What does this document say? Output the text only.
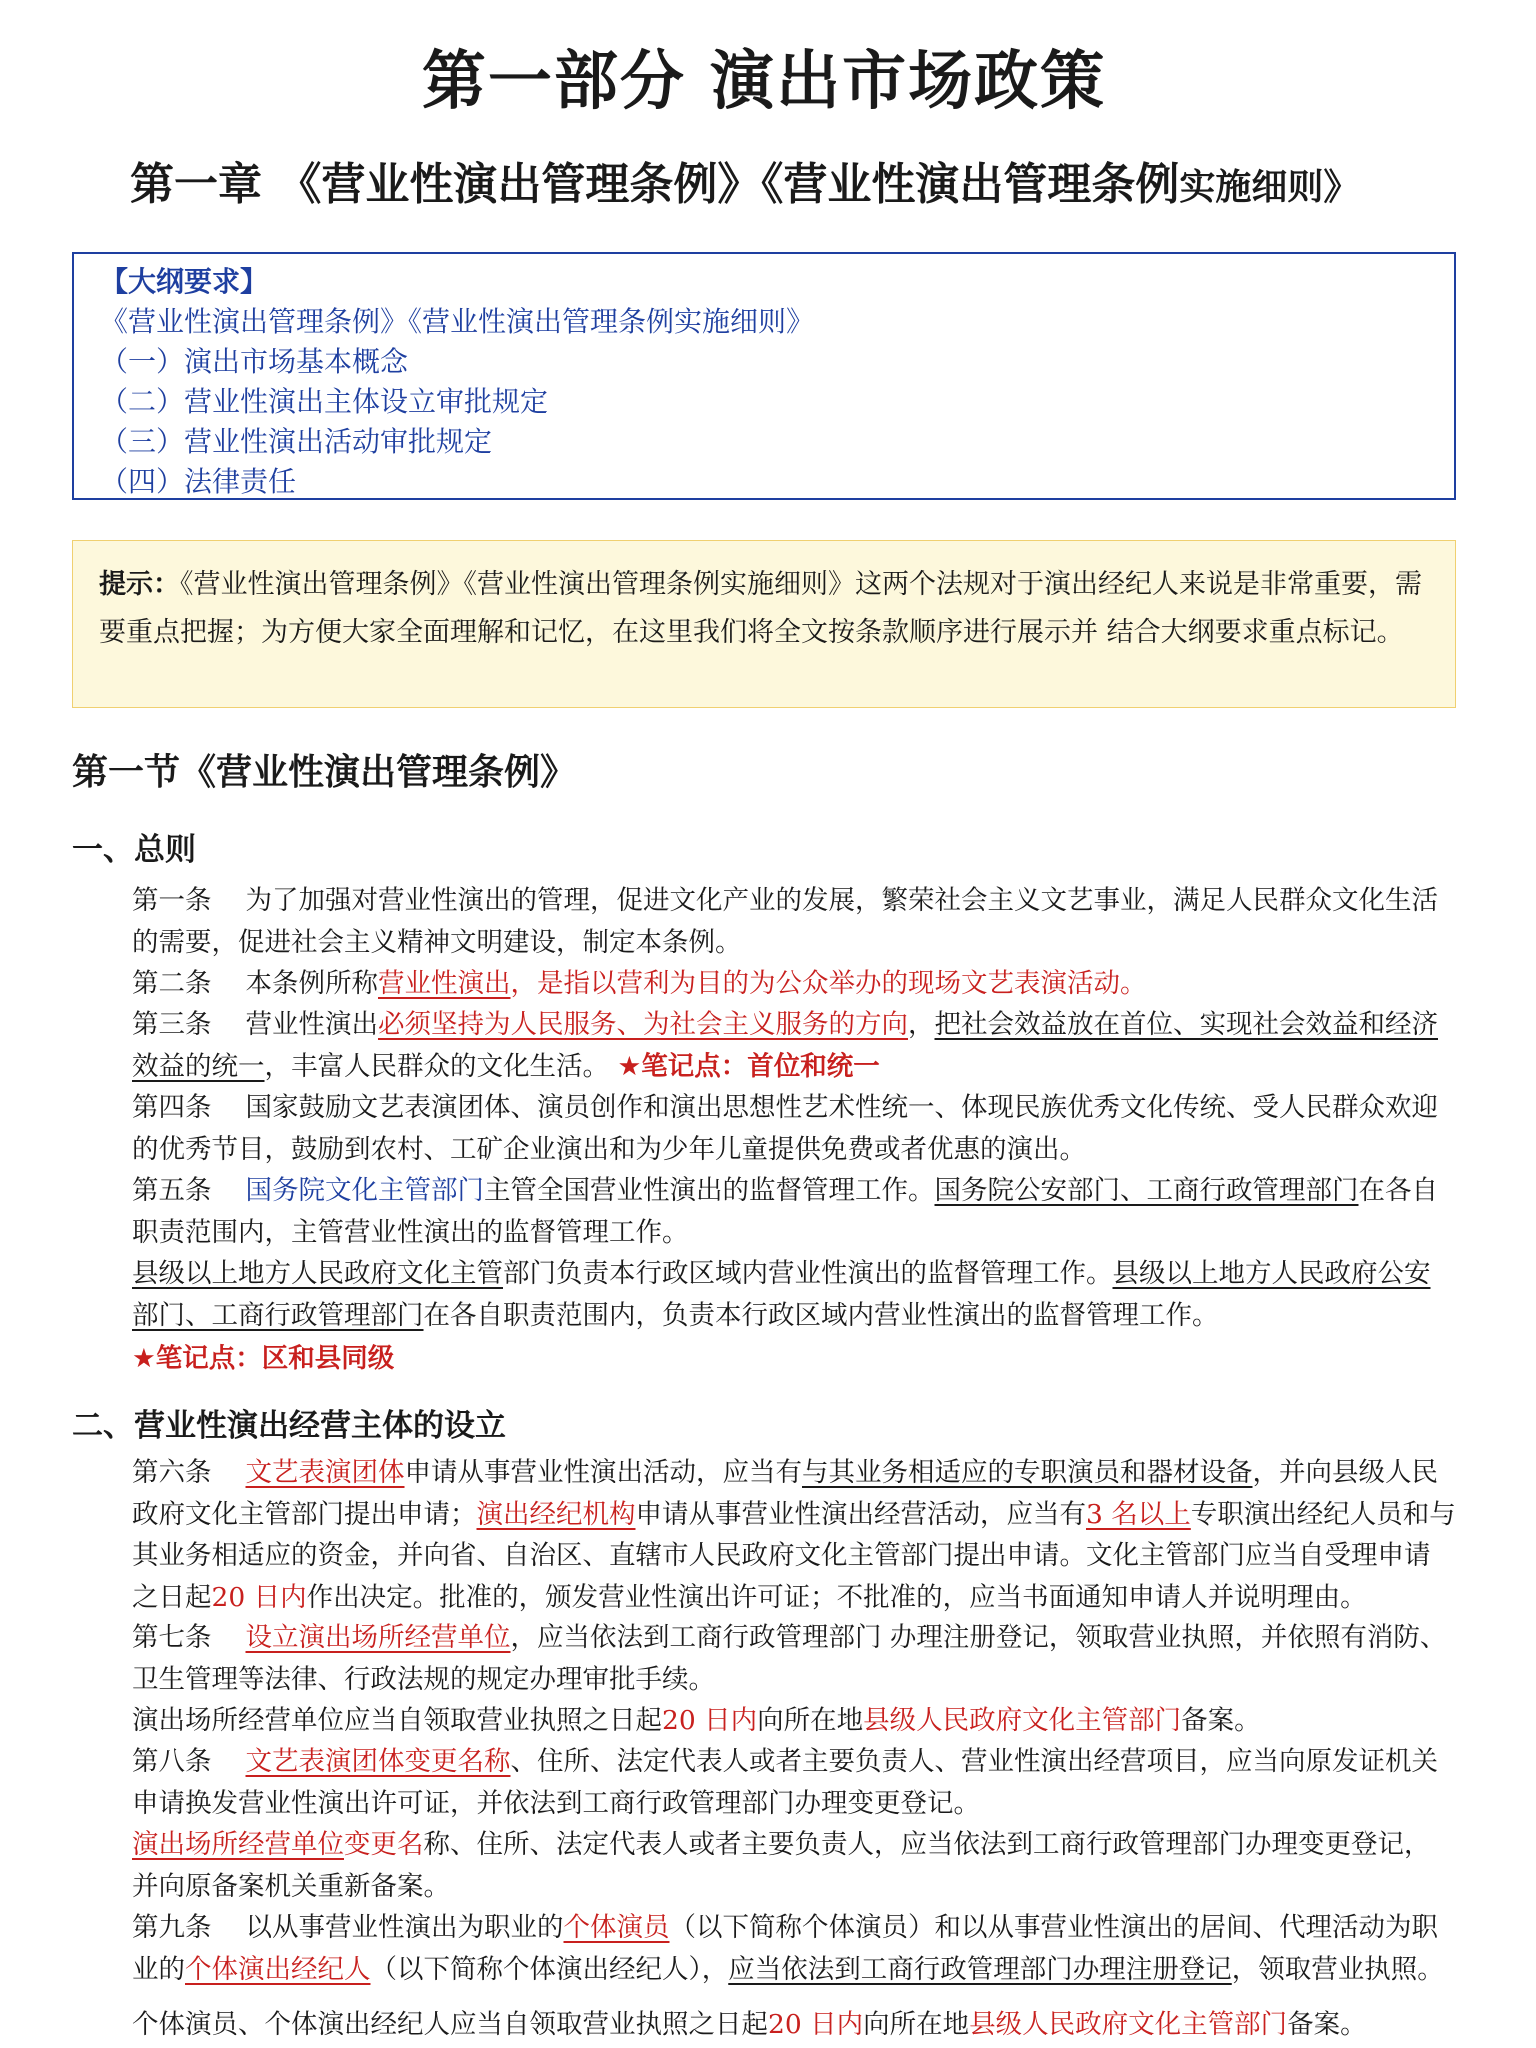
第一部分 演出市场政策
第一章 《营业性演出管理条例》《营业性演出管理条例实施细则》
【大纲要求】
《营业性演出管理条例》《营业性演出管理条例实施细则》
（一）演出市场基本概念
（二）营业性演出主体设立审批规定
（三）营业性演出活动审批规定
（四）法律责任
提示：《营业性演出管理条例》《营业性演出管理条例实施细则》这两个法规对于演出经纪人来说是非常重要，需要重点把握；为方便大家全面理解和记忆，在这里我们将全文按条款顺序进行展示并 结合大纲要求重点标记。
第一节《营业性演出管理条例》
一、总则
第一条 为了加强对营业性演出的管理，促进文化产业的发展，繁荣社会主义文艺事业，满足人民群众文化生活的需要，促进社会主义精神文明建设，制定本条例。
第二条 本条例所称营业性演出，是指以营利为目的为公众举办的现场文艺表演活动。
第三条 营业性演出必须坚持为人民服务、为社会主义服务的方向，把社会效益放在首位、实现社会效益和经济效益的统一，丰富人民群众的文化生活。 ★笔记点：首位和统一
第四条 国家鼓励文艺表演团体、演员创作和演出思想性艺术性统一、体现民族优秀文化传统、受人民群众欢迎的优秀节目，鼓励到农村、工矿企业演出和为少年儿童提供免费或者优惠的演出。
第五条 国务院文化主管部门主管全国营业性演出的监督管理工作。国务院公安部门、工商行政管理部门在各自职责范围内，主管营业性演出的监督管理工作。
县级以上地方人民政府文化主管部门负责本行政区域内营业性演出的监督管理工作。县级以上地方人民政府公安部门、工商行政管理部门在各自职责范围内，负责本行政区域内营业性演出的监督管理工作。
★笔记点：区和县同级
二、营业性演出经营主体的设立
第六条 文艺表演团体申请从事营业性演出活动，应当有与其业务相适应的专职演员和器材设备，并向县级人民政府文化主管部门提出申请；演出经纪机构申请从事营业性演出经营活动，应当有3 名以上专职演出经纪人员和与其业务相适应的资金，并向省、自治区、直辖市人民政府文化主管部门提出申请。文化主管部门应当自受理申请之日起20 日内作出决定。批准的，颁发营业性演出许可证；不批准的，应当书面通知申请人并说明理由。
第七条 设立演出场所经营单位，应当依法到工商行政管理部门 办理注册登记，领取营业执照，并依照有消防、卫生管理等法律、行政法规的规定办理审批手续。
演出场所经营单位应当自领取营业执照之日起20 日内向所在地县级人民政府文化主管部门备案。
第八条 文艺表演团体变更名称、住所、法定代表人或者主要负责人、营业性演出经营项目，应当向原发证机关申请换发营业性演出许可证，并依法到工商行政管理部门办理变更登记。
演出场所经营单位变更名称、住所、法定代表人或者主要负责人，应当依法到工商行政管理部门办理变更登记，并向原备案机关重新备案。
第九条 以从事营业性演出为职业的个体演员（以下简称个体演员）和以从事营业性演出的居间、代理活动为职业的个体演出经纪人（以下简称个体演出经纪人），应当依法到工商行政管理部门办理注册登记，领取营业执照。
个体演员、个体演出经纪人应当自领取营业执照之日起20 日内向所在地县级人民政府文化主管部门备案。
